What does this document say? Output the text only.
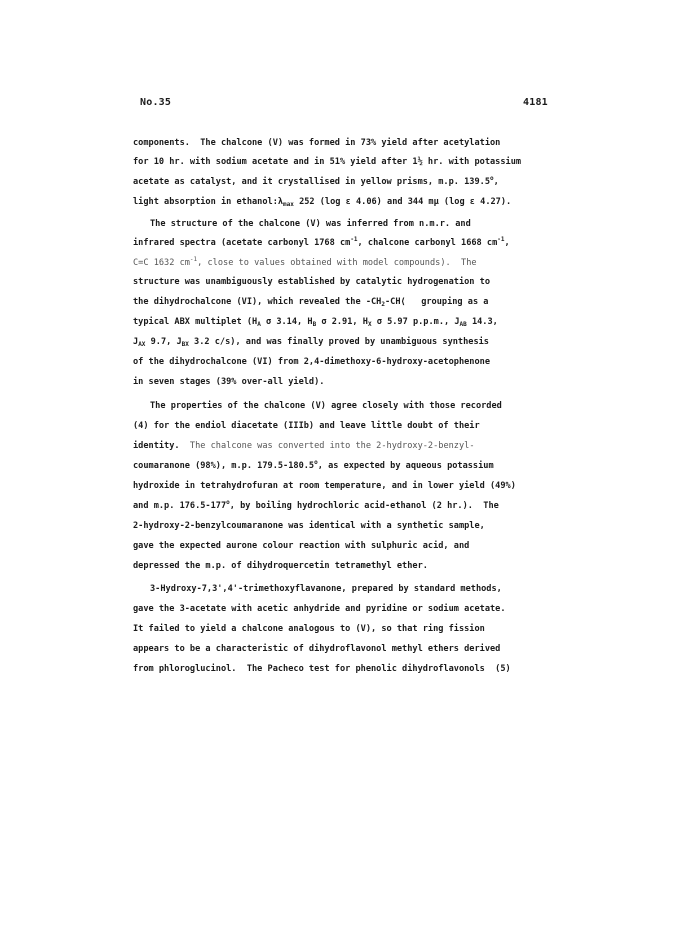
No.35	4181
components.  The chalcone (V) was formed in 73% yield after acetylation
for 10 hr. with sodium acetate and in 51% yield after 1½ hr. with potassium
acetate as catalyst, and it crystallised in yellow prisms, m.p. 139.5$^o$,
light absorption in $ethanol:\lambda_{max}$ 252 (log ε 4.06) and 344 mμ (log ε 4.27).
The structure of the chalcone (V) was inferred from n.m.r. and
infrared spectra (acetate carbonyl 1768 $cm^{-1}$, chalcone carbonyl 1668 $cm^{-1}$,
C=C 1632 $cm^{-1}$, close to values obtained with model compounds).  The
structure was unambiguously established by catalytic hydrogenation to
the dihydrochalcone (VI), which revealed the $-CH_2-CH⟨$   grouping as a
typical ABX multiplet ($H_A$ σ 3.14, $H_B$ σ 2.91, $H_X$ σ 5.97 p.p.m., $J_{AB}$ 14.3,
$J_{AX}$ 9.7, $J_{BX}$ 3.2 c/s), and was finally proved by unambiguous synthesis
of the dihydrochalcone (VI) from 2,4-dimethoxy-6-hydroxy-acetophenone
in seven stages (39% over-all yield).
The properties of the chalcone (V) agree closely with those recorded
(4) for the endiol diacetate (IIIb) and leave little doubt of their
identity.  The chalcone was converted into the 2-hydroxy-2-benzyl-
coumaranone (98%), m.p. 179.5-180.5$^o$, as expected by aqueous potassium
hydroxide in tetrahydrofuran at room temperature, and in lower yield (49%)
and m.p. 176.5-177$^o$, by boiling hydrochloric acid-ethanol (2 hr.).  The
2-hydroxy-2-benzylcoumaranone was identical with a synthetic sample,
gave the expected aurone colour reaction with sulphuric acid, and
depressed the m.p. of dihydroquercetin tetramethyl ether.
3-Hydroxy-7,3',4'-trimethoxyflavanone, prepared by standard methods,
gave the 3-acetate with acetic anhydride and pyridine or sodium acetate.
It failed to yield a chalcone analogous to (V), so that ring fission
appears to be a characteristic of dihydroflavonol methyl ethers derived
from phloroglucinol.  The Pacheco test for phenolic dihydroflavonols  (5)
